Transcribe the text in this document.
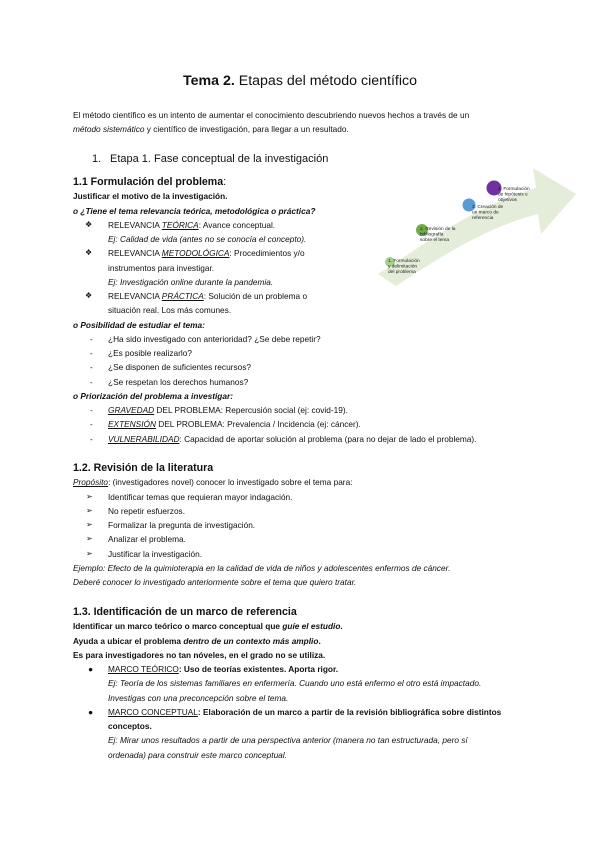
Tema 2. Etapas del método científico

El método científico es un intento de aumentar el conocimiento descubriendo nuevos hechos a través de un

método sistemático y científico de investigación, para llegar a un resultado.

1. Etapa 1. Fase conceptual de la investigación
1. Formulación y delimitación del problema
2. Revisión de la bibliografía sobre el tema
3. Creación de un marco de referencia
4. Formulación de hipótesis u objetivos
1.1 Formulación del problema:

Justificar el motivo de la investigación.

o ¿Tiene el tema relevancia teórica, metodológica o práctica?

❖ RELEVANCIA TEÓRICA: Avance conceptual.
Ej: Calidad de vida (antes no se conocía el concepto).
❖ RELEVANCIA METODOLÓGICA: Procedimientos y/o
instrumentos para investigar.
Ej: Investigación online durante la pandemia.
❖ RELEVANCIA PRÁCTICA: Solución de un problema o
situación real. Los más comunes.

o Posibilidad de estudiar el tema:

- ¿Ha sido investigado con anterioridad? ¿Se debe repetir?
- ¿Es posible realizarlo?
- ¿Se disponen de suficientes recursos?
- ¿Se respetan los derechos humanos?

o Priorización del problema a investigar:

- GRAVEDAD DEL PROBLEMA: Repercusión social (ej: covid-19).
- EXTENSIÓN DEL PROBLEMA: Prevalencia / Incidencia (ej: cáncer).
- VULNERABILIDAD: Capacidad de aportar solución al problema (para no dejar de lado el problema).
1.2. Revisión de la literatura

Propósito: (investigadores novel) conocer lo investigado sobre el tema para:

➢ Identificar temas que requieran mayor indagación.
➢ No repetir esfuerzos.
➢ Formalizar la pregunta de investigación.
➢ Analizar el problema.
➢ Justificar la investigación.

Ejemplo: Efecto de la quimioterapia en la calidad de vida de niños y adolescentes enfermos de cáncer.

Deberé conocer lo investigado anteriormente sobre el tema que quiero tratar.

1.3. Identificación de un marco de referencia

Identificar un marco teórico o marco conceptual que guíe el estudio.

Ayuda a ubicar el problema dentro de un contexto más amplio.

Es para investigadores no tan nóveles, en el grado no se utiliza.

● MARCO TEÓRICO: Uso de teorías existentes. Aporta rigor.
Ej: Teoría de los sistemas familiares en enfermería. Cuando uno está enfermo el otro está impactado.
Investigas con una preconcepción sobre el tema.
● MARCO CONCEPTUAL: Elaboración de un marco a partir de la revisión bibliográfica sobre distintos
conceptos.
Ej: Mirar unos resultados a partir de una perspectiva anterior (manera no tan estructurada, pero sí
ordenada) para construir este marco conceptual.
